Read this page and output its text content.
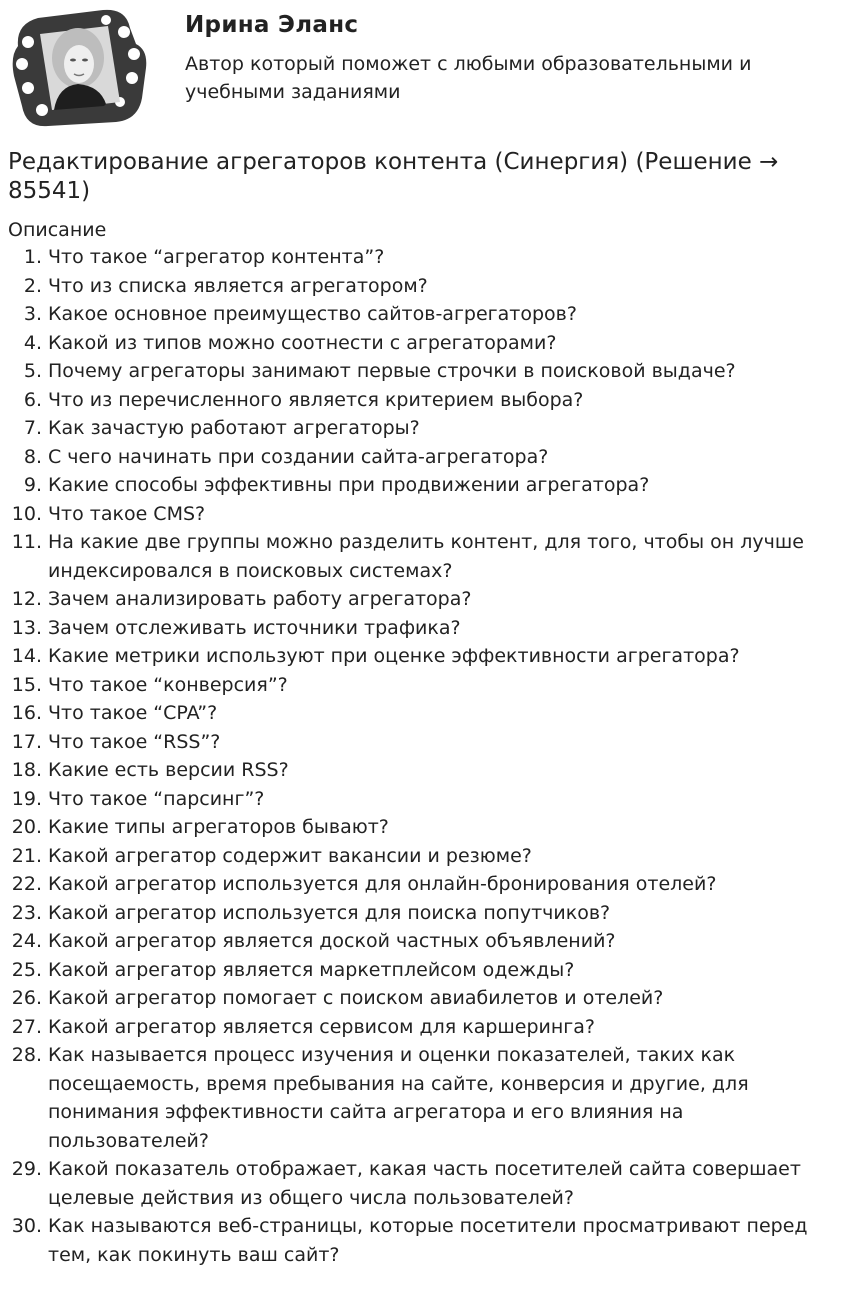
Ирина Эланс

Автор который поможет с любыми образовательными и учебными заданиями

Редактирование агрегаторов контента (Синергия) (Решение → 85541)
Описание
1. Что такое “агрегатор контента”?
2. Что из списка является агрегатором?
3. Какое основное преимущество сайтов-агрегаторов?
4. Какой из типов можно соотнести с агрегаторами?
5. Почему агрегаторы занимают первые строчки в поисковой выдаче?
6. Что из перечисленного является критерием выбора?
7. Как зачастую работают агрегаторы?
8. С чего начинать при создании сайта-агрегатора?
9. Какие способы эффективны при продвижении агрегатора?
10. Что такое CMS?
11. На какие две группы можно разделить контент, для того, чтобы он лучше индексировался в поисковых системах?
12. Зачем анализировать работу агрегатора?
13. Зачем отслеживать источники трафика?
14. Какие метрики используют при оценке эффективности агрегатора?
15. Что такое “конверсия”?
16. Что такое “CPA”?
17. Что такое “RSS”?
18. Какие есть версии RSS?
19. Что такое “парсинг”?
20. Какие типы агрегаторов бывают?
21. Какой агрегатор содержит вакансии и резюме?
22. Какой агрегатор используется для онлайн-бронирования отелей?
23. Какой агрегатор используется для поиска попутчиков?
24. Какой агрегатор является доской частных объявлений?
25. Какой агрегатор является маркетплейсом одежды?
26. Какой агрегатор помогает с поиском авиабилетов и отелей?
27. Какой агрегатор является сервисом для каршеринга?
28. Как называется процесс изучения и оценки показателей, таких как посещаемость, время пребывания на сайте, конверсия и другие, для понимания эффективности сайта агрегатора и его влияния на пользователей?
29. Какой показатель отображает, какая часть посетителей сайта совершает целевые действия из общего числа пользователей?
30. Как называются веб-страницы, которые посетители просматривают перед тем, как покинуть ваш сайт?
